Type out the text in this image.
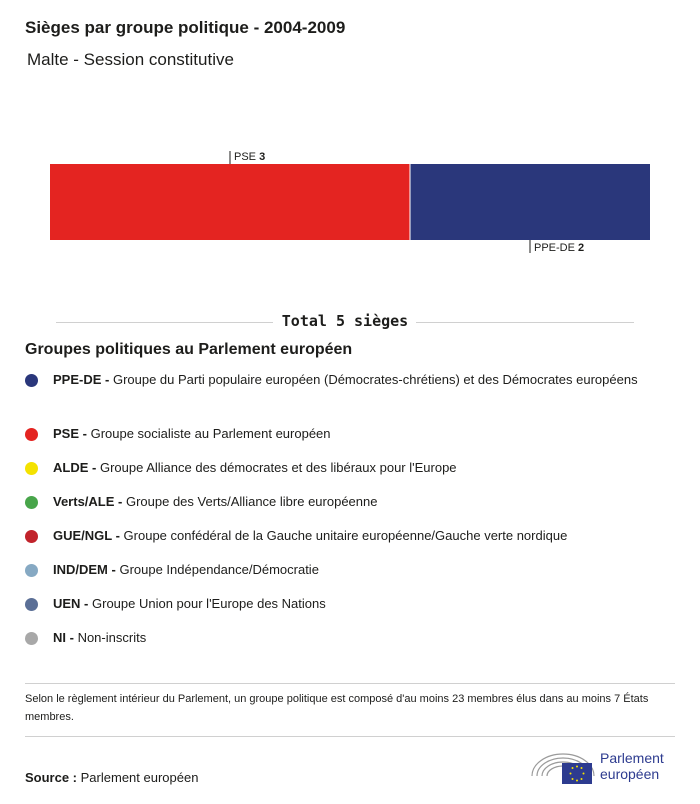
Sièges par groupe politique - 2004-2009

Malte - Session constitutive

PSE 3
PPE-DE 2
Total 5 sièges
Groupes politiques au Parlement européen
PPE-DE - Groupe du Parti populaire européen (Démocrates-chrétiens) et des Démocrates européens
PSE - Groupe socialiste au Parlement européen
ALDE - Groupe Alliance des démocrates et des libéraux pour l'Europe
Verts/ALE - Groupe des Verts/Alliance libre européenne
GUE/NGL - Groupe confédéral de la Gauche unitaire européenne/Gauche verte nordique
IND/DEM - Groupe Indépendance/Démocratie
UEN - Groupe Union pour l'Europe des Nations
NI - Non-inscrits

Selon le règlement intérieur du Parlement, un groupe politique est composé d'au moins 23 membres élus dans au moins 7 États membres.

Source : Parlement européen

Parlement
européen
